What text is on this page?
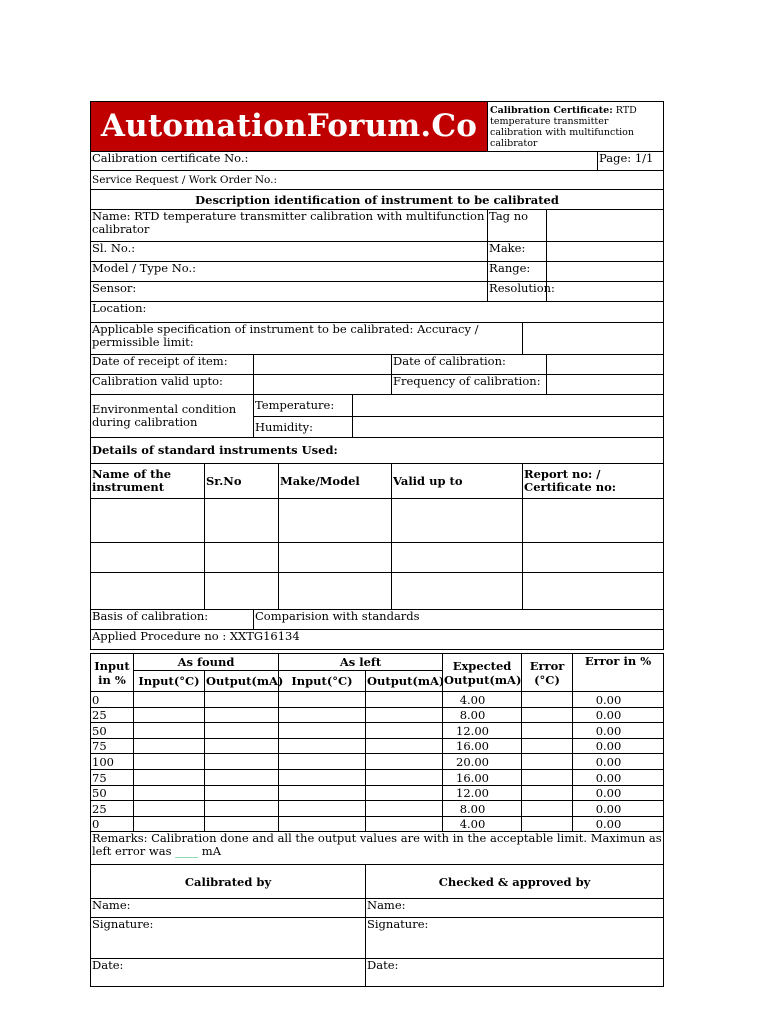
AutomationForum.Co						Calibration Certificate: RTD temperature transmitter calibration with multifunction calibrator			
Calibration certificate No.:									Page: 1/1
Service Request / Work Order No.:									
Description identification of instrument to be calibrated									
Name: RTD temperature transmitter calibration with multifunction calibrator						Tag no			
Sl. No.:						Make:			
Model / Type No.:						Range:			
Sensor:						Resolution:			
Location:									
Applicable specification of instrument to be calibrated: Accuracy / permissible limit:									
Date of receipt of item:					Date of calibration:				
Calibration valid upto:					Frequency of calibration:				
Environmental condition during calibration		Temperature:							
		Humidity:							
Details of standard instruments Used:									
Name of the instrument	Sr.No		Make/Model		Valid up to		Report no: / Certificate no:		

Basis of calibration:		Comparision with standards							
Applied Procedure no : XXTG16134									
Input in %	As found		As left		Expected Output(mA)	Error (°C)	Error in %
	Input(°C)	Output(mA)	Input(°C)	Output(mA)			
0					4.00		0.00
25					8.00		0.00
50					12.00		0.00
75					16.00		0.00
100					20.00		0.00
75					16.00		0.00
50					12.00		0.00
25					8.00		0.00
0					4.00		0.00
Remarks: Calibration done and all the output values are with in the acceptable limit. Maximun as left error was ____ mA							
Calibrated by				Checked & approved by			
Name:				Name:			
Signature:				Signature:			
Date:				Date:			
